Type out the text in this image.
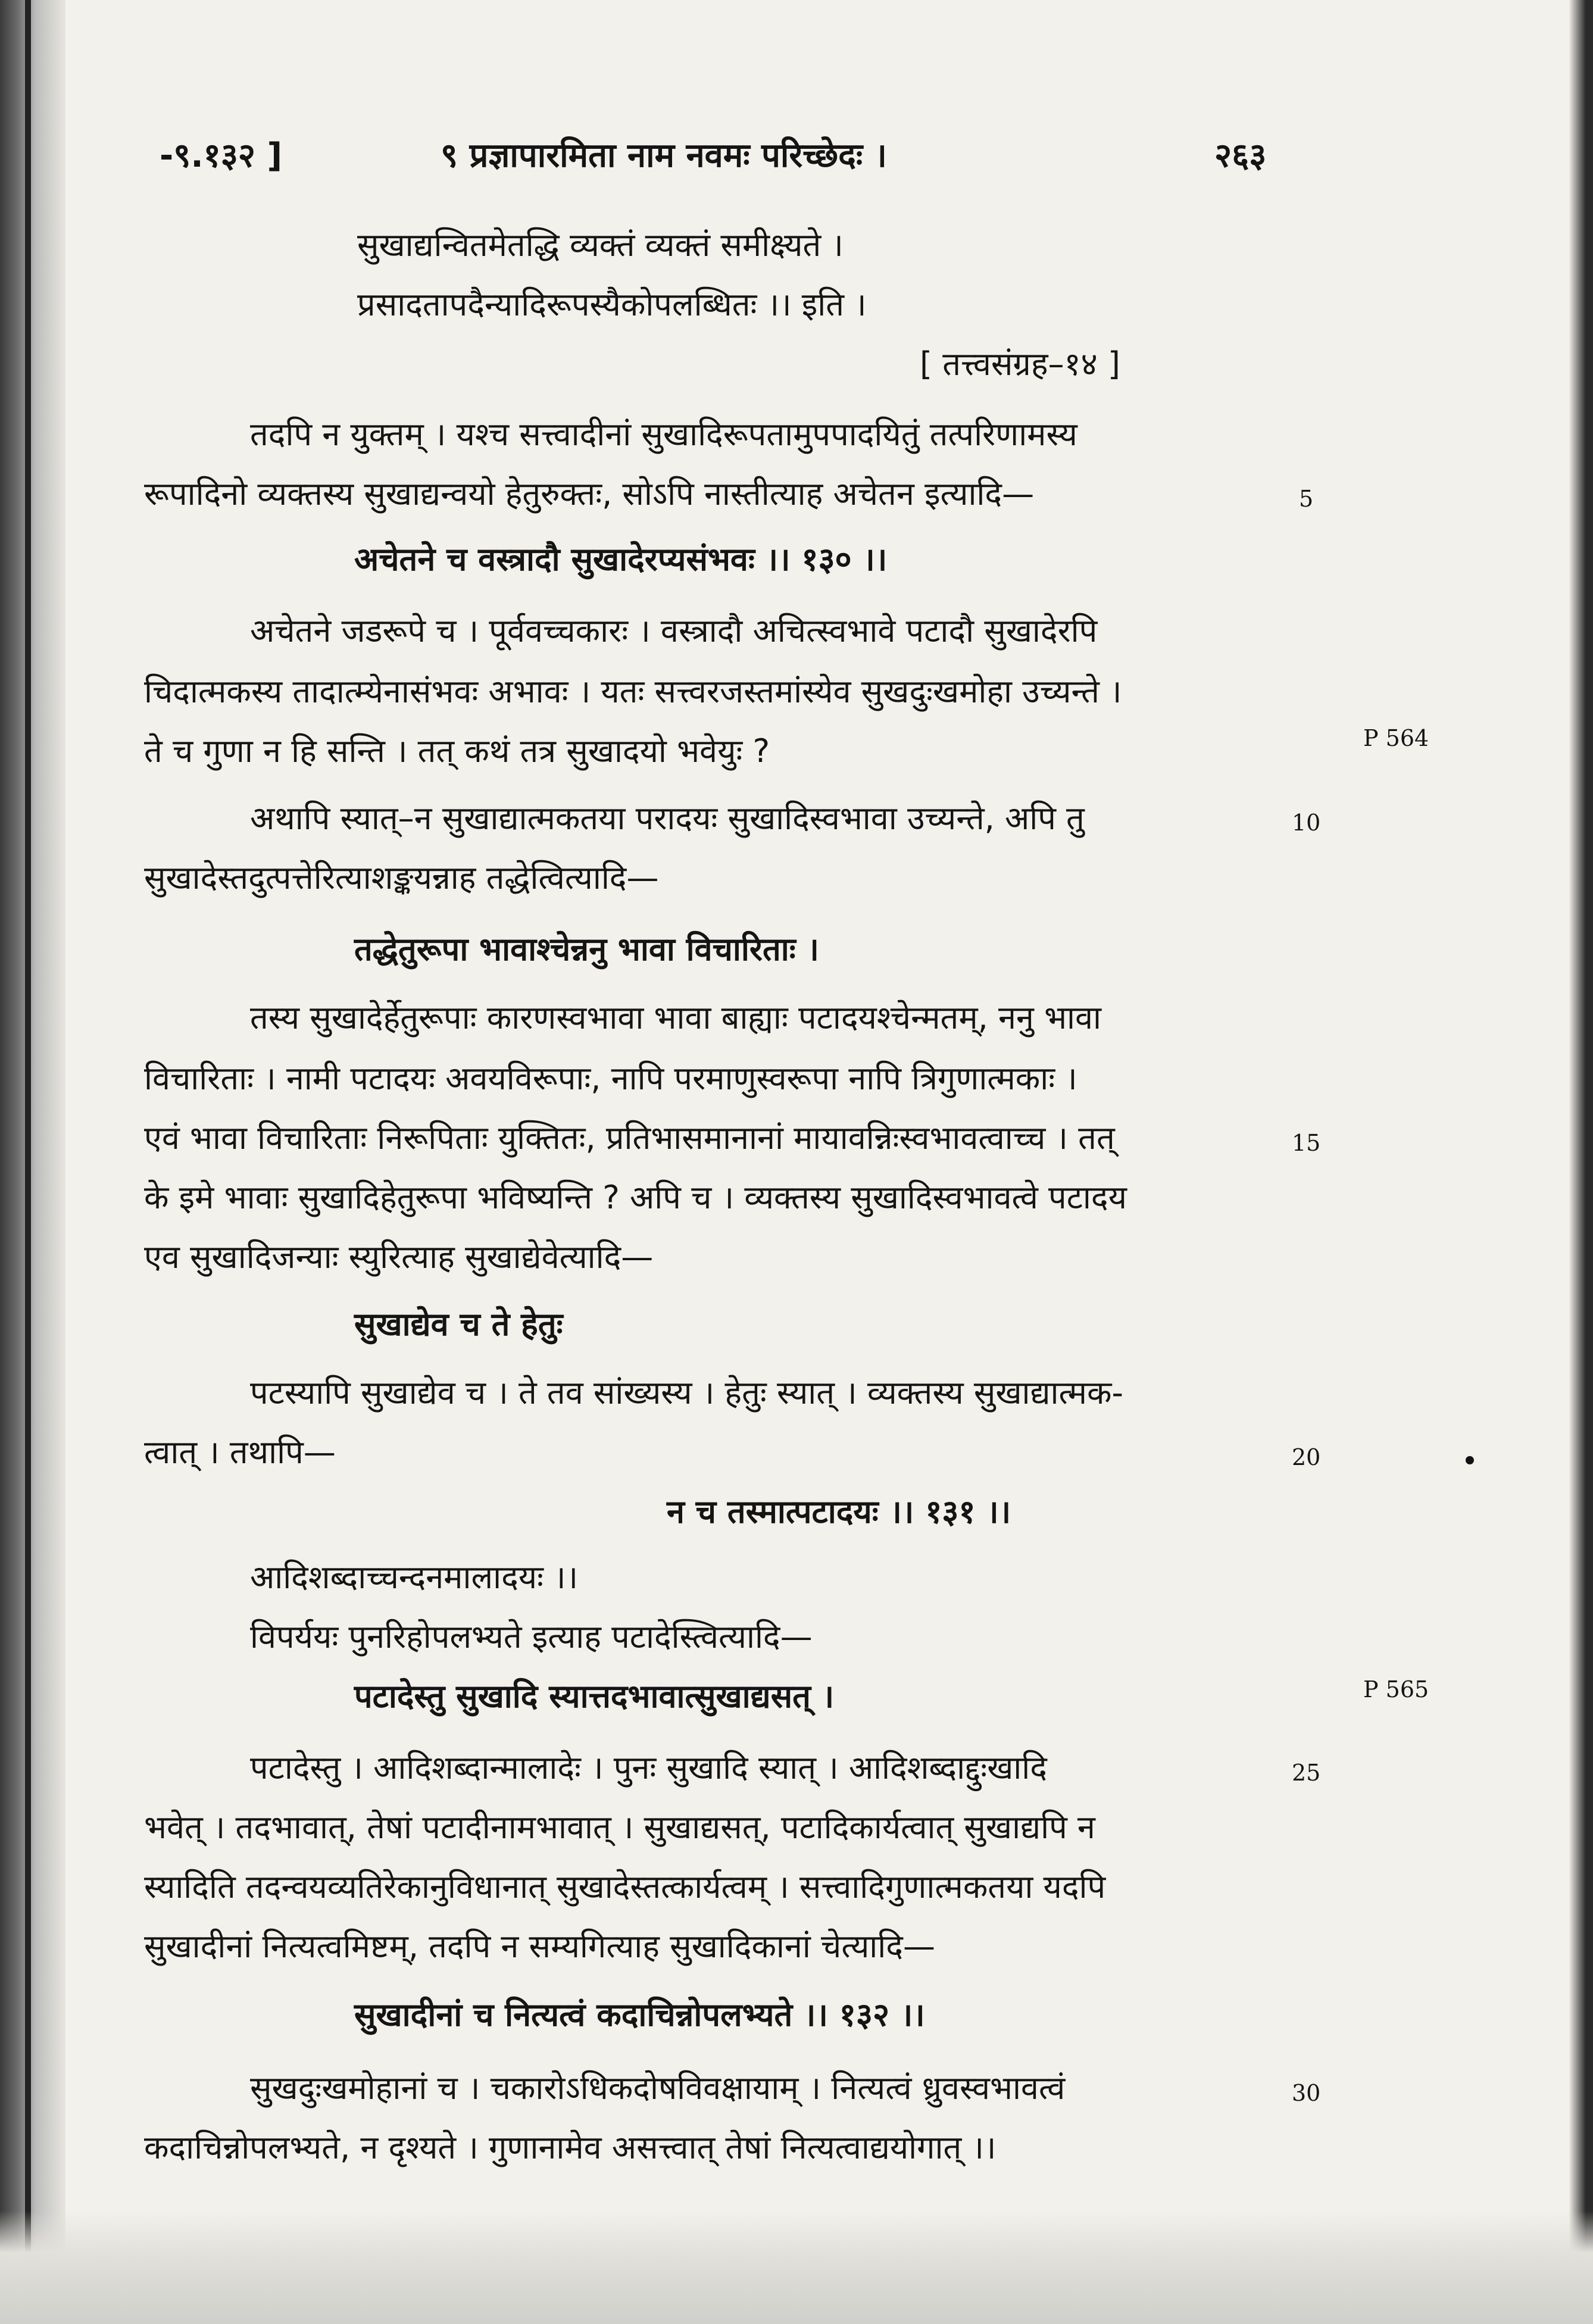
-९.१३२ ]	९ प्रज्ञापारमिता नाम नवमः परिच्छेदः ।	२६३
सुखाद्यन्वितमेतद्धि व्यक्तं व्यक्तं समीक्ष्यते ।
प्रसादतापदैन्यादिरूपस्यैकोपलब्धितः ।। इति ।
[ तत्त्वसंग्रह–१४ ]
तदपि न युक्तम् । यश्च सत्त्वादीनां सुखादिरूपतामुपपादयितुं तत्परिणामस्य
रूपादिनो व्यक्तस्य सुखाद्यन्वयो हेतुरुक्तः, सोऽपि नास्तीत्याह अचेतन इत्यादि—
अचेतने च वस्त्रादौ सुखादेरप्यसंभवः ।। १३० ।।
अचेतने जडरूपे च । पूर्ववच्चकारः । वस्त्रादौ अचित्स्वभावे पटादौ सुखादेरपि
चिदात्मकस्य तादात्म्येनासंभवः अभावः । यतः सत्त्वरजस्तमांस्येव सुखदुःखमोहा उच्यन्ते ।
ते च गुणा न हि सन्ति । तत् कथं तत्र सुखादयो भवेयुः ?
अथापि स्यात्–न सुखाद्यात्मकतया परादयः सुखादिस्वभावा उच्यन्ते, अपि तु
सुखादेस्तदुत्पत्तेरित्याशङ्कयन्नाह तद्धेत्वित्यादि—
तद्धेतुरूपा भावाश्चेन्ननु भावा विचारिताः ।
तस्य सुखादेर्हेतुरूपाः कारणस्वभावा भावा बाह्याः पटादयश्चेन्मतम्, ननु भावा
विचारिताः । नामी पटादयः अवयविरूपाः, नापि परमाणुस्वरूपा नापि त्रिगुणात्मकाः ।
एवं भावा विचारिताः निरूपिताः युक्तितः, प्रतिभासमानानां मायावन्निःस्वभावत्वाच्च । तत्
के इमे भावाः सुखादिहेतुरूपा भविष्यन्ति ? अपि च । व्यक्तस्य सुखादिस्वभावत्वे पटादय
एव सुखादिजन्याः स्युरित्याह सुखाद्येवेत्यादि—
सुखाद्येव च ते हेतुः
पटस्यापि सुखाद्येव च । ते तव सांख्यस्य । हेतुः स्यात् । व्यक्तस्य सुखाद्यात्मक-
त्वात् । तथापि—
न च तस्मात्पटादयः ।। १३१ ।।
आदिशब्दाच्चन्दनमालादयः ।।
विपर्ययः पुनरिहोपलभ्यते इत्याह पटादेस्त्वित्यादि—
पटादेस्तु सुखादि स्यात्तदभावात्सुखाद्यसत् ।
पटादेस्तु । आदिशब्दान्मालादेः । पुनः सुखादि स्यात् । आदिशब्दाद्दुःखादि
भवेत् । तदभावात्, तेषां पटादीनामभावात् । सुखाद्यसत्, पटादिकार्यत्वात् सुखाद्यपि न
स्यादिति तदन्वयव्यतिरेकानुविधानात् सुखादेस्तत्कार्यत्वम् । सत्त्वादिगुणात्मकतया यदपि
सुखादीनां नित्यत्वमिष्टम्, तदपि न सम्यगित्याह सुखादिकानां चेत्यादि—
सुखादीनां च नित्यत्वं कदाचिन्नोपलभ्यते ।। १३२ ।।
सुखदुःखमोहानां च । चकारोऽधिकदोषविवक्षायाम् । नित्यत्वं ध्रुवस्वभावत्वं
कदाचिन्नोपलभ्यते, न दृश्यते । गुणानामेव असत्त्वात् तेषां नित्यत्वाद्ययोगात् ।।
5
10
15
20
25
30
P 564
P 565
